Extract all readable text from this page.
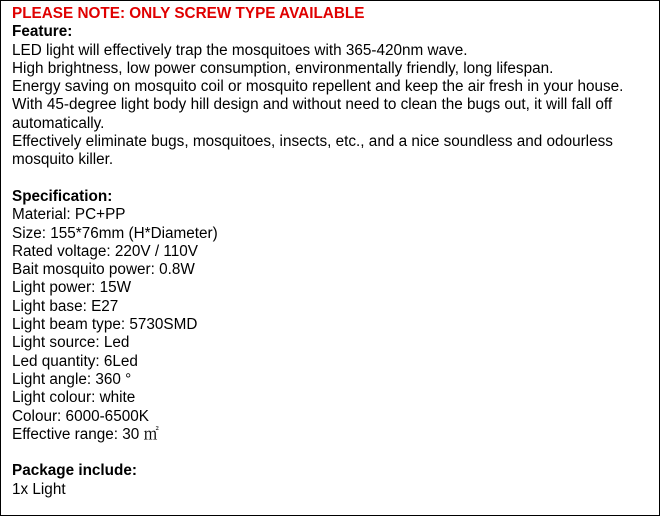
PLEASE NOTE: ONLY SCREW TYPE AVAILABLE
Feature:
LED light will effectively trap the mosquitoes with 365-420nm wave.
High brightness, low power consumption, environmentally friendly, long lifespan.
Energy saving on mosquito coil or mosquito repellent and keep the air fresh in your house.
With 45-degree light body hill design and without need to clean the bugs out, it will fall off automatically.
Effectively eliminate bugs, mosquitoes, insects, etc., and a nice soundless and odourless mosquito killer.
Specification:
Material: PC+PP
Size: 155*76mm (H*Diameter)
Rated voltage: 220V / 110V
Bait mosquito power: 0.8W
Light power: 15W
Light base: E27
Light beam type: 5730SMD
Light source: Led
Led quantity: 6Led
Light angle: 360 °
Light colour: white
Colour: 6000-6500K
Effective range: 30 ㎡
Package include:
1x Light
